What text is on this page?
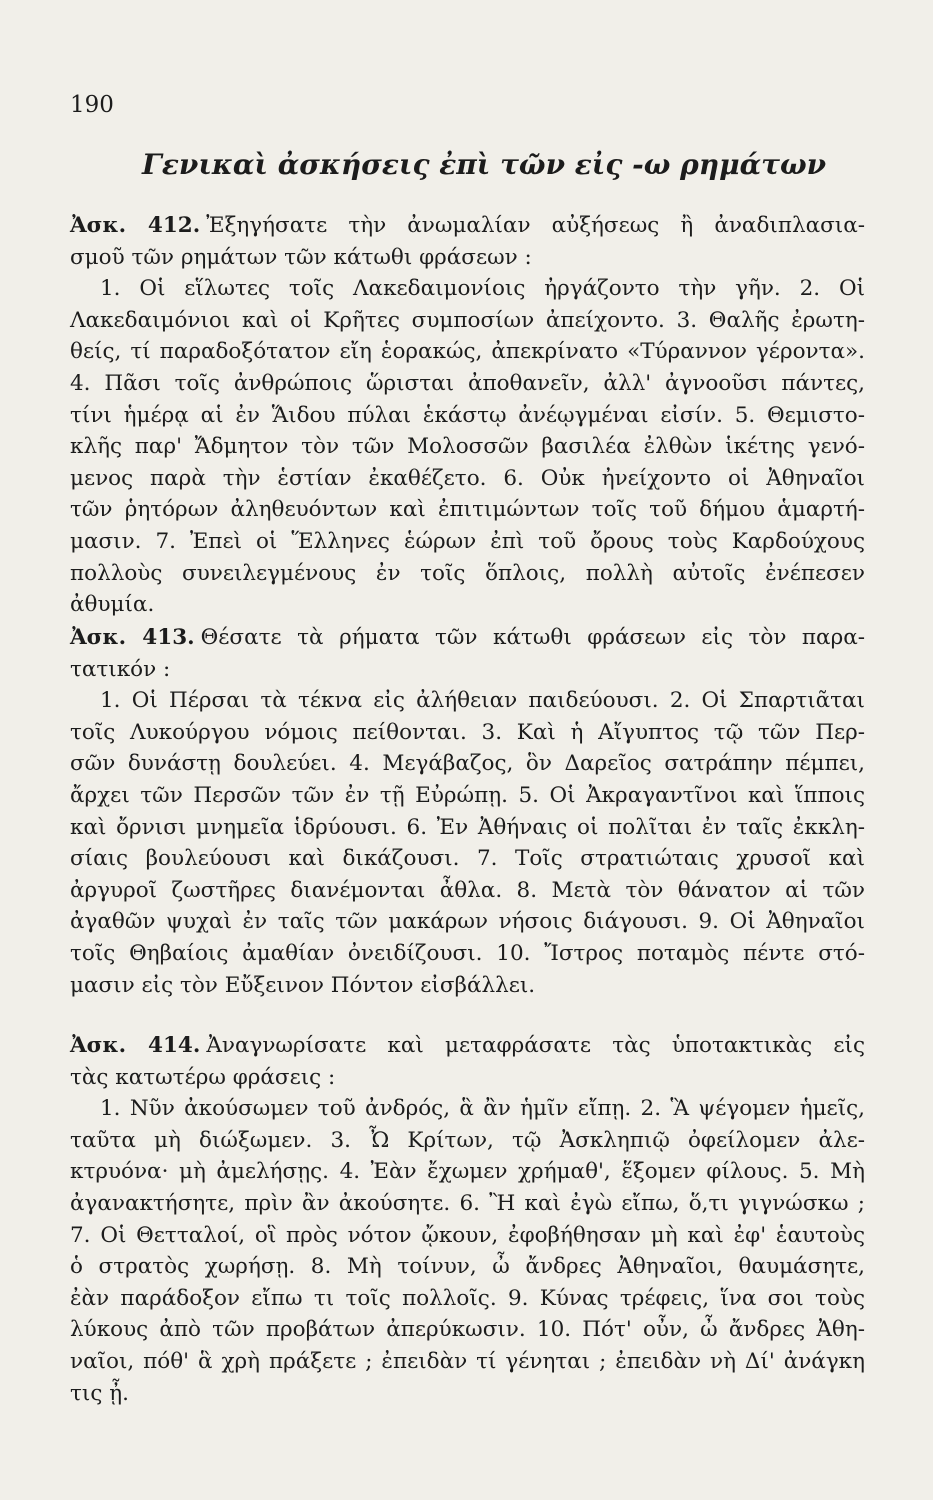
190
Γενικαὶ ἀσκήσεις ἐπὶ τῶν εἰς -ω ρημάτων
Ἀσκ. 412. Ἐξηγήσατε τὴν ἀνωμαλίαν αὐξήσεως ἢ ἀναδιπλασια-
σμοῦ τῶν ρημάτων τῶν κάτωθι φράσεων :
1. Οἱ εἵλωτες τοῖς Λακεδαιμονίοις ἠργάζοντο τὴν γῆν. 2. Οἱ
Λακεδαιμόνιοι καὶ οἱ Κρῆτες συμποσίων ἀπείχοντο. 3. Θαλῆς ἐρωτη-
θείς, τί παραδοξότατον εἴη ἑορακώς, ἀπεκρίνατο «Τύραννον γέροντα».
4. Πᾶσι τοῖς ἀνθρώποις ὥρισται ἀποθανεῖν, ἀλλ' ἀγνοοῦσι πάντες,
τίνι ἡμέρᾳ αἱ ἐν Ἅιδου πύλαι ἑκάστῳ ἀνέῳγμέναι εἰσίν. 5. Θεμιστο-
κλῆς παρ' Ἄδμητον τὸν τῶν Μολοσσῶν βασιλέα ἐλθὼν ἱκέτης γενό-
μενος παρὰ τὴν ἑστίαν ἐκαθέζετο. 6. Οὐκ ἠνείχοντο οἱ Ἀθηναῖοι
τῶν ῥητόρων ἀληθευόντων καὶ ἐπιτιμώντων τοῖς τοῦ δήμου ἁμαρτή-
μασιν. 7. Ἐπεὶ οἱ Ἕλληνες ἑώρων ἐπὶ τοῦ ὄρους τοὺς Καρδούχους
πολλοὺς συνειλεγμένους ἐν τοῖς ὅπλοις, πολλὴ αὐτοῖς ἐνέπεσεν
ἀθυμία.
Ἀσκ. 413. Θέσατε τὰ ρήματα τῶν κάτωθι φράσεων εἰς τὸν παρα-
τατικόν :
1. Οἱ Πέρσαι τὰ τέκνα εἰς ἀλήθειαν παιδεύουσι. 2. Οἱ Σπαρτιᾶται
τοῖς Λυκούργου νόμοις πείθονται. 3. Καὶ ἡ Αἴγυπτος τῷ τῶν Περ-
σῶν δυνάστῃ δουλεύει. 4. Μεγάβαζος, ὃν Δαρεῖος σατράπην πέμπει,
ἄρχει τῶν Περσῶν τῶν ἐν τῇ Εὐρώπῃ. 5. Οἱ Ἀκραγαντῖνοι καὶ ἵπποις
καὶ ὄρνισι μνημεῖα ἱδρύουσι. 6. Ἐν Ἀθήναις οἱ πολῖται ἐν ταῖς ἐκκλη-
σίαις βουλεύουσι καὶ δικάζουσι. 7. Τοῖς στρατιώταις χρυσοῖ καὶ
ἀργυροῖ ζωστῆρες διανέμονται ἆθλα. 8. Μετὰ τὸν θάνατον αἱ τῶν
ἀγαθῶν ψυχαὶ ἐν ταῖς τῶν μακάρων νήσοις διάγουσι. 9. Οἱ Ἀθηναῖοι
τοῖς Θηβαίοις ἀμαθίαν ὀνειδίζουσι. 10. Ἴστρος ποταμὸς πέντε στό-
μασιν εἰς τὸν Εὔξεινον Πόντον εἰσβάλλει.
Ἀσκ. 414. Ἀναγνωρίσατε καὶ μεταφράσατε τὰς ὑποτακτικὰς εἰς
τὰς κατωτέρω φράσεις :
1. Νῦν ἀκούσωμεν τοῦ ἀνδρός, ἃ ἂν ἡμῖν εἴπῃ. 2. Ἃ ψέγομεν ἡμεῖς,
ταῦτα μὴ διώξωμεν. 3. Ὦ Κρίτων, τῷ Ἀσκληπιῷ ὀφείλομεν ἀλε-
κτρυόνα· μὴ ἀμελήσῃς. 4. Ἐὰν ἔχωμεν χρήμαθ', ἕξομεν φίλους. 5. Μὴ
ἀγανακτήσητε, πρὶν ἂν ἀκούσητε. 6. Ἢ καὶ ἐγὼ εἴπω, ὅ,τι γιγνώσκω ;
7. Οἱ Θετταλοί, οἳ πρὸς νότον ᾤκουν, ἐφοβήθησαν μὴ καὶ ἐφ' ἑαυτοὺς
ὁ στρατὸς χωρήσῃ. 8. Μὴ τοίνυν, ὦ ἄνδρες Ἀθηναῖοι, θαυμάσητε,
ἐὰν παράδοξον εἴπω τι τοῖς πολλοῖς. 9. Κύνας τρέφεις, ἵνα σοι τοὺς
λύκους ἀπὸ τῶν προβάτων ἀπερύκωσιν. 10. Πότ' οὖν, ὦ ἄνδρες Ἀθη-
ναῖοι, πόθ' ἃ χρὴ πράξετε ; ἐπειδὰν τί γένηται ; ἐπειδὰν νὴ Δί' ἀνάγκη
τις ᾖ.
